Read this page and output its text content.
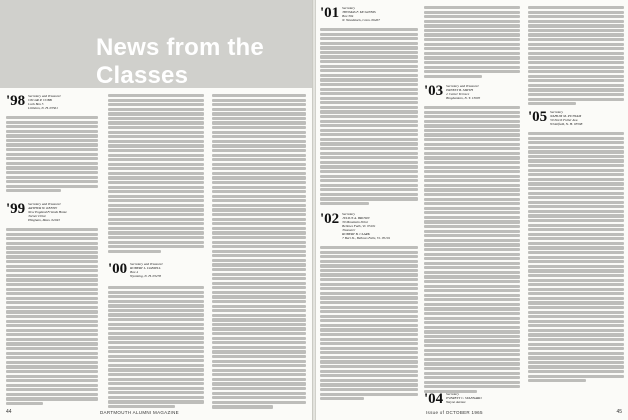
News from the Classes
'98 Secretary and Treasurer
OSCAR P. COBB
Lock Box 5
Littleton, N. H. 03561
'99 Secretary and Treasurer
ARTHUR W. KENNY
New England Friends Home
Turner Drive
Hingham, Mass. 02043
'00 Secretary and Treasurer
ROBERT L. DANIELL
Box 4
Wyoming, N. H. 03278
44	DARTMOUTH ALUMNI MAGAZINE
'01 Secretary
THOMAS F. MCGINNIS
Box 304
N. Woodstock, Conn. 06267
'02 Secretary
JULIUS A. BROWN
39 Mountain Drive
Bellows Falls, Vt. 05101
Treasurer
ROBERT B. CLARK
7 Burt St., Bellows Falls, Vt. 05101
'03 Secretary and Treasurer
ERNEST B. SMITH
2 Center Terrace
Binghamton, N. Y. 13905
'05 Secretary
NAHUM M. PUTNAM
50 North Fuller Ave.
Whitefield, N. H. 03598
'04 Secretary
EVERETT C. STANNARD
Wayne Avenue
Issue of OCTOBER 1965	45
